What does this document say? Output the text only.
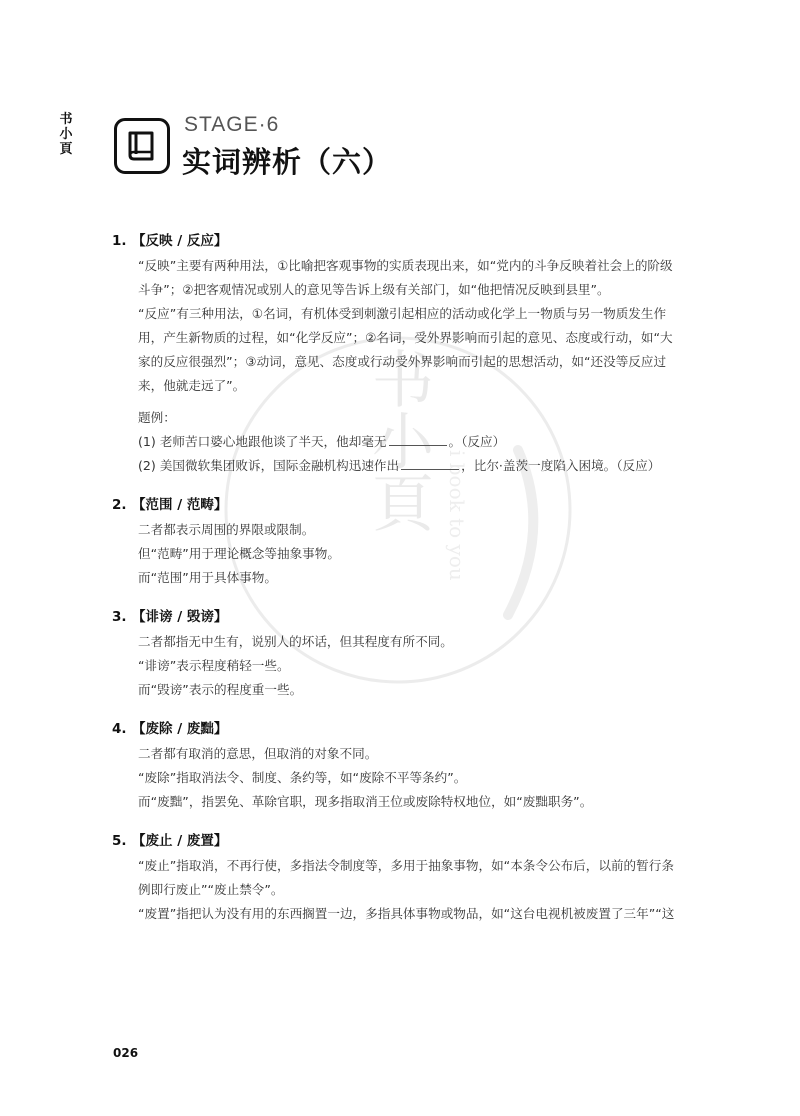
书小頁 i book to you
书小頁
STAGE·6
实词辨析（六）
1. 【反映 / 反应】
“反映”主要有两种用法，①比喻把客观事物的实质表现出来，如“党内的斗争反映着社会上的阶级斗争”；②把客观情况或别人的意见等告诉上级有关部门，如“他把情况反映到县里”。
“反应”有三种用法，①名词，有机体受到刺激引起相应的活动或化学上一物质与另一物质发生作用，产生新物质的过程，如“化学反应”；②名词，受外界影响而引起的意见、态度或行动，如“大家的反应很强烈”；③动词，意见、态度或行动受外界影响而引起的思想活动，如“还没等反应过来，他就走远了”。
题例：
(1) 老师苦口婆心地跟他谈了半天，他却毫无	。（反应）
(2) 美国微软集团败诉，国际金融机构迅速作出	，比尔·盖茨一度陷入困境。（反应）
2. 【范围 / 范畴】
二者都表示周围的界限或限制。
但“范畴”用于理论概念等抽象事物。
而“范围”用于具体事物。
3. 【诽谤 / 毁谤】
二者都指无中生有，说别人的坏话，但其程度有所不同。
“诽谤”表示程度稍轻一些。
而“毁谤”表示的程度重一些。
4. 【废除 / 废黜】
二者都有取消的意思，但取消的对象不同。
“废除”指取消法令、制度、条约等，如“废除不平等条约”。
而“废黜”，指罢免、革除官职，现多指取消王位或废除特权地位，如“废黜职务”。
5. 【废止 / 废置】
“废止”指取消，不再行使，多指法令制度等，多用于抽象事物，如“本条令公布后，以前的暂行条例即行废止”“废止禁令”。
“废置”指把认为没有用的东西搁置一边，多指具体事物或物品，如“这台电视机被废置了三年”“这
026
